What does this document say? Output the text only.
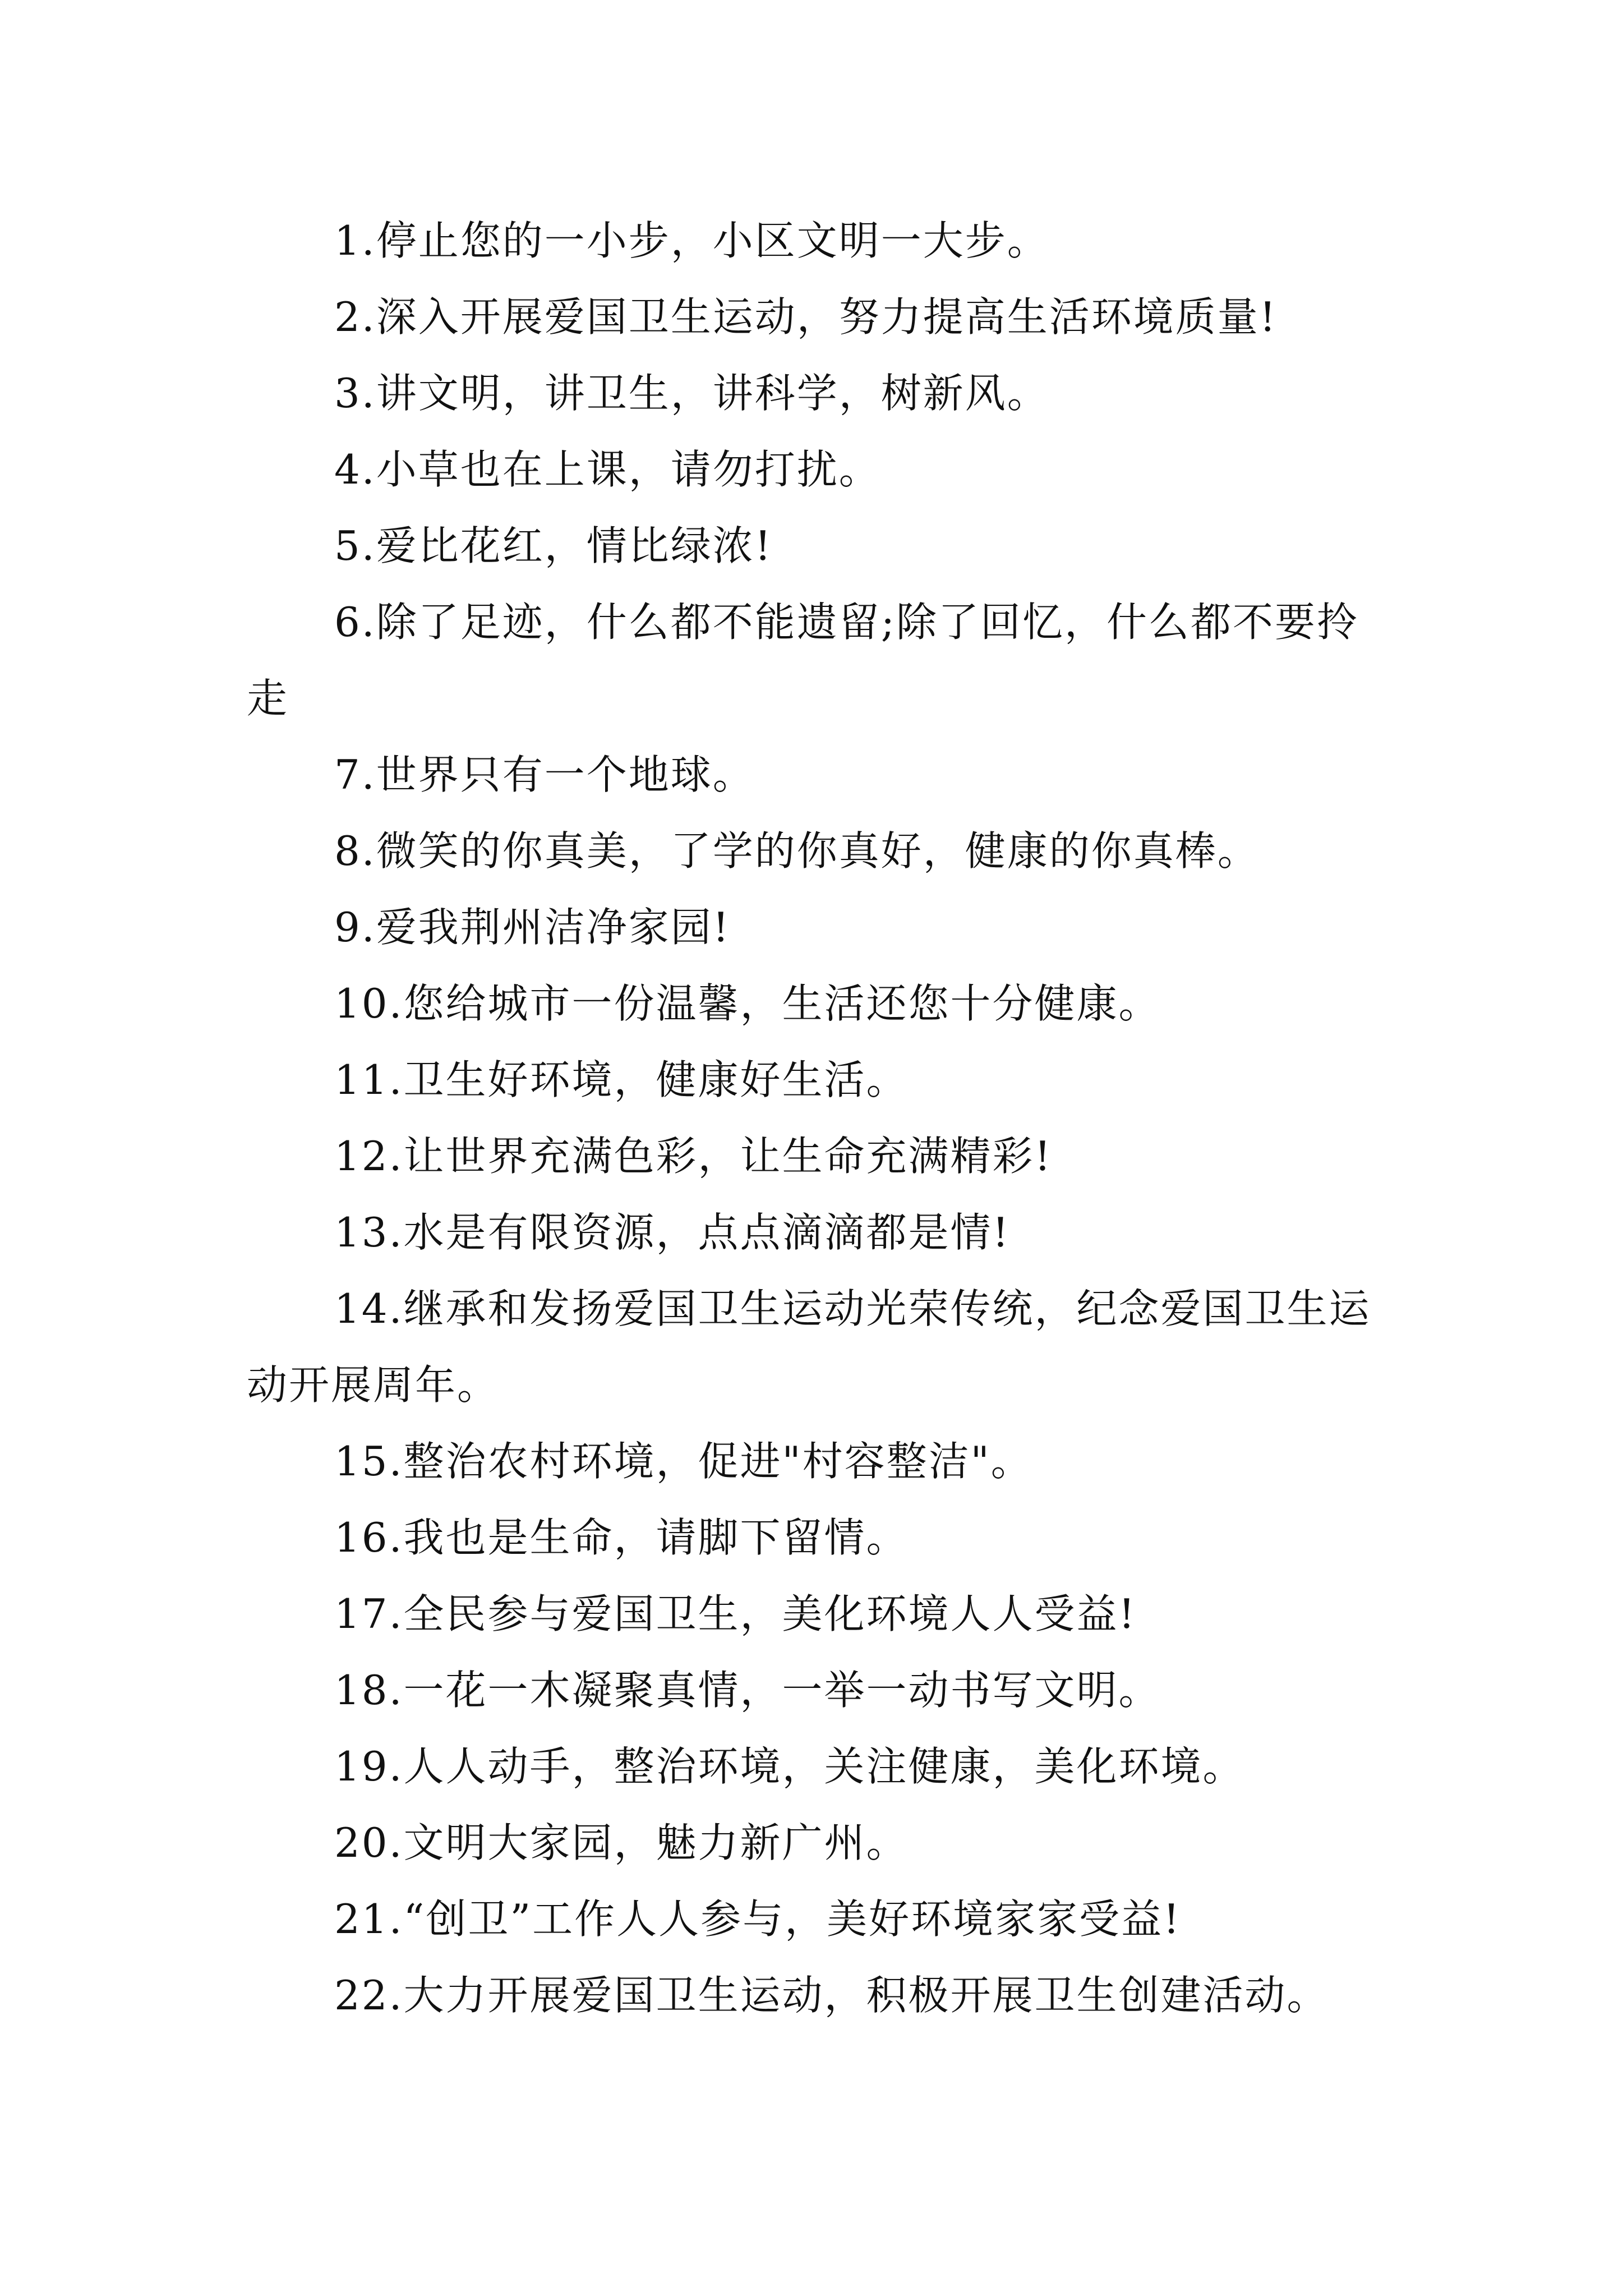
1.停止您的一小步，小区文明一大步。

2.深入开展爱国卫生运动，努力提高生活环境质量!

3.讲文明，讲卫生，讲科学，树新风。

4.小草也在上课，请勿打扰。

5.爱比花红，情比绿浓!

6.除了足迹，什么都不能遗留;除了回忆，什么都不要拎走

7.世界只有一个地球。

8.微笑的你真美，了学的你真好，健康的你真棒。

9.爱我荆州洁净家园!

10.您给城市一份温馨，生活还您十分健康。

11.卫生好环境，健康好生活。

12.让世界充满色彩，让生命充满精彩!

13.水是有限资源，点点滴滴都是情!

14.继承和发扬爱国卫生运动光荣传统，纪念爱国卫生运动开展周年。

15.整治农村环境，促进"村容整洁"。

16.我也是生命，请脚下留情。

17.全民参与爱国卫生，美化环境人人受益!

18.一花一木凝聚真情，一举一动书写文明。

19.人人动手，整治环境，关注健康，美化环境。

20.文明大家园，魅力新广州。

21.“创卫”工作人人参与，美好环境家家受益!

22.大力开展爱国卫生运动，积极开展卫生创建活动。
